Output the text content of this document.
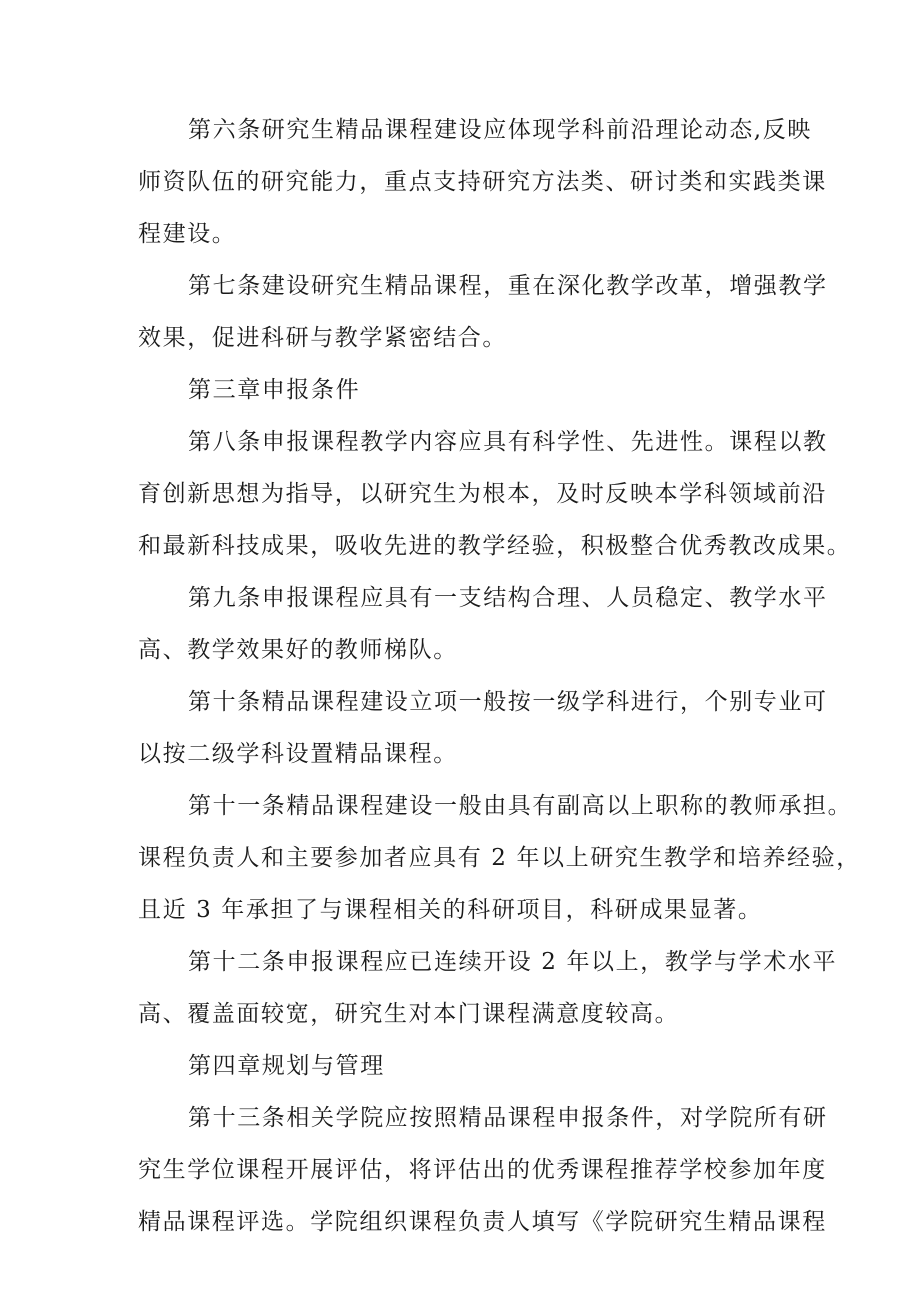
第六条研究生精品课程建设应体现学科前沿理论动态,反映
师资队伍的研究能力，重点支持研究方法类、研讨类和实践类课
程建设。

第七条建设研究生精品课程，重在深化教学改革，增强教学
效果，促进科研与教学紧密结合。

第三章申报条件

第八条申报课程教学内容应具有科学性、先进性。课程以教
育创新思想为指导，以研究生为根本，及时反映本学科领域前沿
和最新科技成果，吸收先进的教学经验，积极整合优秀教改成果。

第九条申报课程应具有一支结构合理、人员稳定、教学水平
高、教学效果好的教师梯队。

第十条精品课程建设立项一般按一级学科进行，个别专业可
以按二级学科设置精品课程。

第十一条精品课程建设一般由具有副高以上职称的教师承担。
课程负责人和主要参加者应具有 2 年以上研究生教学和培养经验，
且近 3 年承担了与课程相关的科研项目，科研成果显著。

第十二条申报课程应已连续开设 2 年以上，教学与学术水平
高、覆盖面较宽，研究生对本门课程满意度较高。

第四章规划与管理

第十三条相关学院应按照精品课程申报条件，对学院所有研
究生学位课程开展评估，将评估出的优秀课程推荐学校参加年度
精品课程评选。学院组织课程负责人填写《学院研究生精品课程
